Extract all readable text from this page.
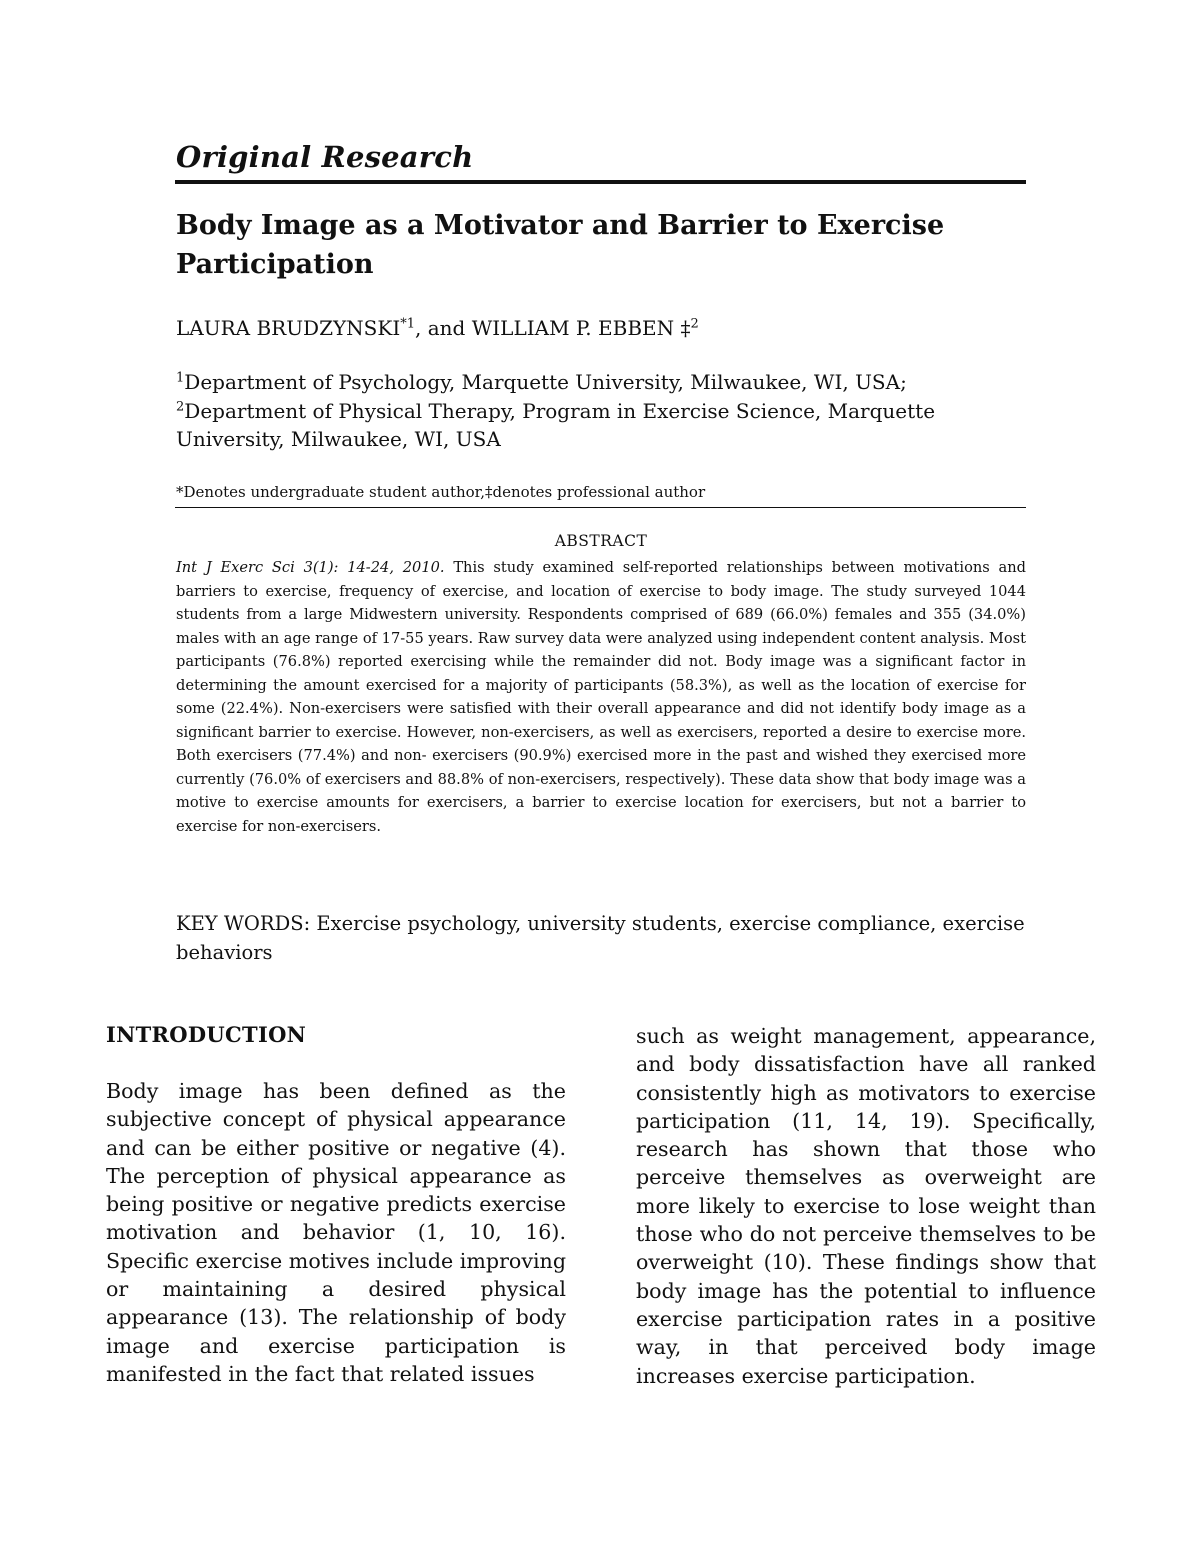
Original Research
Body Image as a Motivator and Barrier to Exercise Participation

LAURA BRUDZYNSKI$^{*1}$, and WILLIAM P. EBBEN ‡$^2$

$^1$Department of Psychology, Marquette University, Milwaukee, WI, USA;
$^2$Department of Physical Therapy, Program in Exercise Science, Marquette University, Milwaukee, WI, USA

*Denotes undergraduate student author,‡denotes professional author

ABSTRACT

Int J Exerc Sci 3(1): 14-24, 2010. This study examined self-reported relationships between motivations and barriers to exercise, frequency of exercise, and location of exercise to body image. The study surveyed 1044 students from a large Midwestern university. Respondents comprised of 689 (66.0%) females and 355 (34.0%) males with an age range of 17-55 years. Raw survey data were analyzed using independent content analysis. Most participants (76.8%) reported exercising while the remainder did not. Body image was a significant factor in determining the amount exercised for a majority of participants (58.3%), as well as the location of exercise for some (22.4%). Non-exercisers were satisfied with their overall appearance and did not identify body image as a significant barrier to exercise. However, non-exercisers, as well as exercisers, reported a desire to exercise more. Both exercisers (77.4%) and non- exercisers (90.9%) exercised more in the past and wished they exercised more currently (76.0% of exercisers and 88.8% of non-exercisers, respectively). These data show that body image was a motive to exercise amounts for exercisers, a barrier to exercise location for exercisers, but not a barrier to exercise for non-exercisers.

KEY WORDS: Exercise psychology, university students, exercise compliance, exercise behaviors

INTRODUCTION

Body image has been defined as the subjective concept of physical appearance and can be either positive or negative (4). The perception of physical appearance as being positive or negative predicts exercise motivation and behavior (1, 10, 16). Specific exercise motives include improving or maintaining a desired physical appearance (13). The relationship of body image and exercise participation is manifested in the fact that related issues

such as weight management, appearance, and body dissatisfaction have all ranked consistently high as motivators to exercise participation (11, 14, 19). Specifically, research has shown that those who perceive themselves as overweight are more likely to exercise to lose weight than those who do not perceive themselves to be overweight (10). These findings show that body image has the potential to influence exercise participation rates in a positive way, in that perceived body image increases exercise participation.
